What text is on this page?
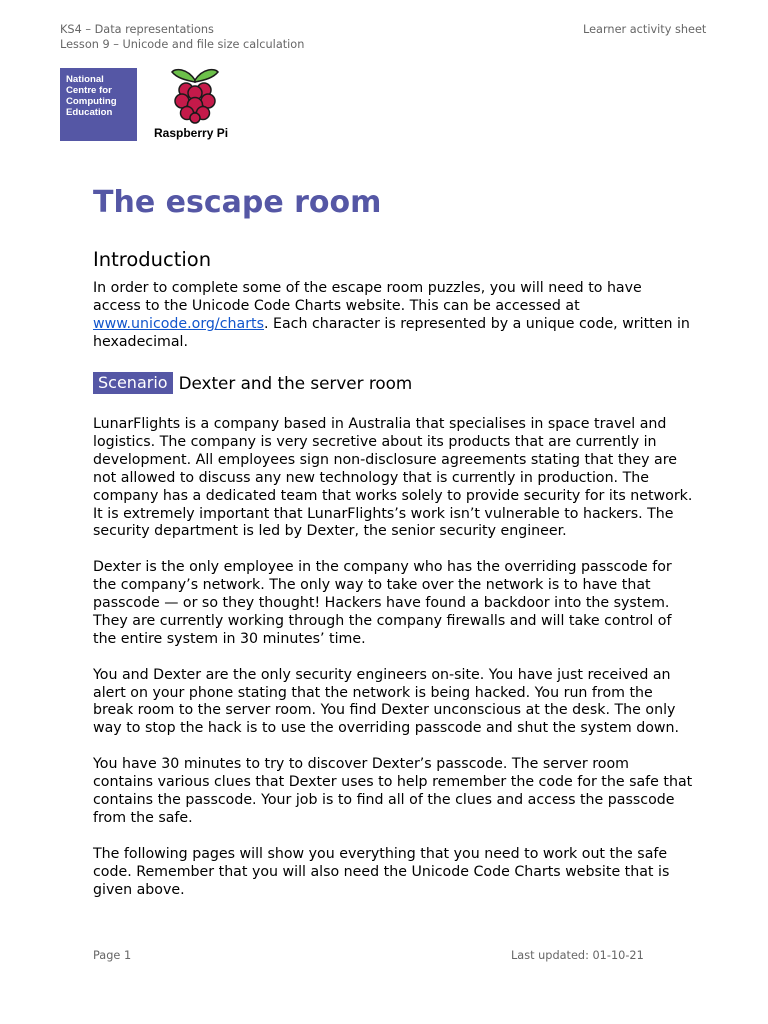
KS4 – Data representations
Lesson 9 – Unicode and file size calculation
Learner activity sheet
National Centre for Computing Education
Raspberry Pi
The escape room
Introduction

In order to complete some of the escape room puzzles, you will need to have access to the Unicode Code Charts website. This can be accessed at www.unicode.org/charts. Each character is represented by a unique code, written in hexadecimal.

Scenario Dexter and the server room

LunarFlights is a company based in Australia that specialises in space travel and logistics. The company is very secretive about its products that are currently in development. All employees sign non-disclosure agreements stating that they are not allowed to discuss any new technology that is currently in production. The company has a dedicated team that works solely to provide security for its network. It is extremely important that LunarFlights’s work isn’t vulnerable to hackers. The security department is led by Dexter, the senior security engineer.

Dexter is the only employee in the company who has the overriding passcode for the company’s network. The only way to take over the network is to have that passcode — or so they thought! Hackers have found a backdoor into the system. They are currently working through the company firewalls and will take control of the entire system in 30 minutes’ time.

You and Dexter are the only security engineers on-site. You have just received an alert on your phone stating that the network is being hacked. You run from the break room to the server room. You find Dexter unconscious at the desk. The only way to stop the hack is to use the overriding passcode and shut the system down.

You have 30 minutes to try to discover Dexter’s passcode. The server room contains various clues that Dexter uses to help remember the code for the safe that contains the passcode. Your job is to find all of the clues and access the passcode from the safe.

The following pages will show you everything that you need to work out the safe code. Remember that you will also need the Unicode Code Charts website that is given above.

Page 1	Last updated: 01-10-21
